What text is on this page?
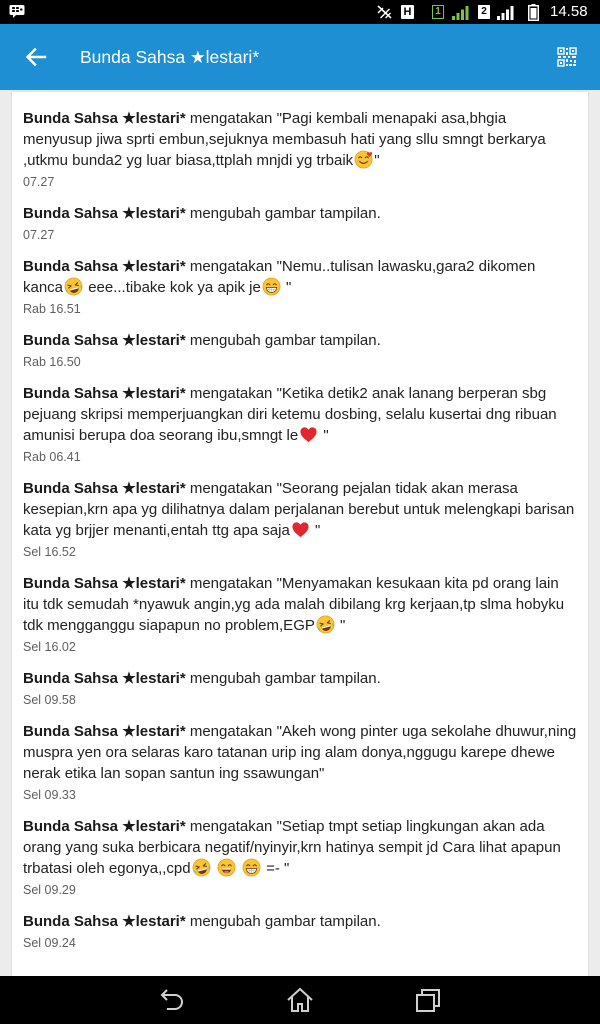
H	1	2	14.58
Bunda Sahsa ★lestari*
Bunda Sahsa ★lestari* mengatakan "Pagi kembali menapaki asa,bhgia menyusup jiwa sprti embun,sejuknya membasuh hati yang sllu smngt berkarya ,utkmu bunda2 yg luar biasa,ttplah mnjdi yg trbaik "
07.27
Bunda Sahsa ★lestari* mengubah gambar tampilan.
07.27
Bunda Sahsa ★lestari* mengatakan "Nemu..tulisan lawasku,gara2 dikomen kanca
eee...tibake kok ya apik je
"
Rab 16.51
Bunda Sahsa ★lestari* mengubah gambar tampilan.
Rab 16.50
Bunda Sahsa ★lestari* mengatakan "Ketika detik2 anak lanang berperan sbg pejuang skripsi memperjuangkan diri ketemu dosbing, selalu kusertai dng ribuan amunisi berupa doa seorang ibu,smngt le
"
Rab 06.41
Bunda Sahsa ★lestari* mengatakan "Seorang pejalan tidak akan merasa kesepian,krn apa yg dilihatnya dalam perjalanan berebut untuk melengkapi barisan kata yg brjjer menanti,entah ttg apa saja
"
Sel 16.52
Bunda Sahsa ★lestari* mengatakan "Menyamakan kesukaan kita pd orang lain itu tdk semudah *nyawuk angin,yg ada malah dibilang krg kerjaan,tp slma hobyku tdk mengganggu siapapun no problem,EGP
"
Sel 16.02
Bunda Sahsa ★lestari* mengubah gambar tampilan.
Sel 09.58
Bunda Sahsa ★lestari* mengatakan "Akeh wong pinter uga sekolahe dhuwur,ning muspra yen ora selaras karo tatanan urip ing alam donya,nggugu karepe dhewe nerak etika lan sopan santun ing ssawungan"
Sel 09.33
Bunda Sahsa ★lestari* mengatakan "Setiap tmpt setiap lingkungan akan ada orang yang suka berbicara negatif/nyinyir,krn hatinya sempit jd Cara lihat apapun trbatasi oleh egonya,,cpd

	=- "
Sel 09.29
Bunda Sahsa ★lestari* mengubah gambar tampilan.
Sel 09.24
